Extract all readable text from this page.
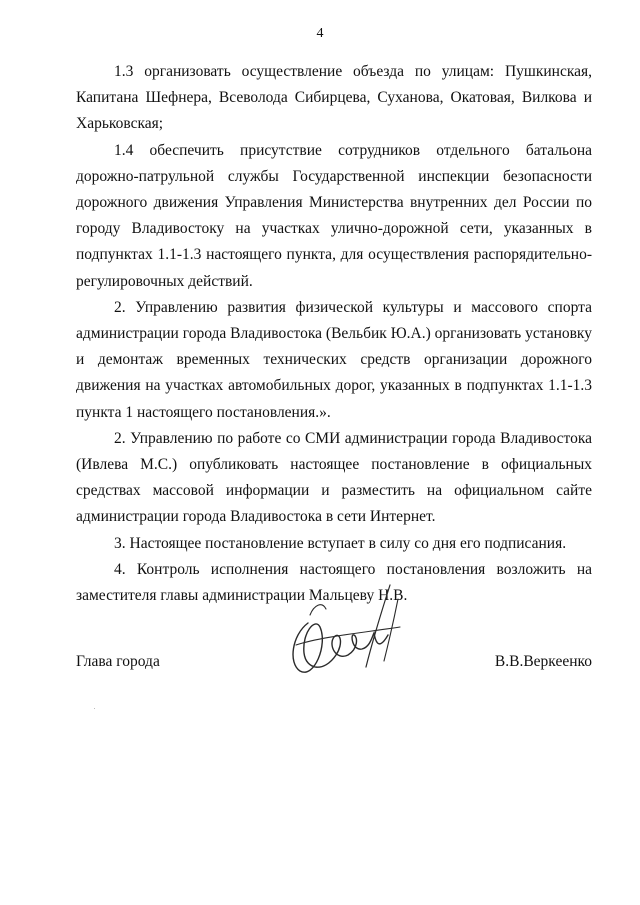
4

1.3 организовать осуществление объезда по улицам: Пушкинская, Капитана Шефнера, Всеволода Сибирцева, Суханова, Окатовая, Вилкова и Харьковская;

1.4 обеспечить присутствие сотрудников отдельного батальона дорожно-патрульной службы Государственной инспекции безопасности дорожного движения Управления Министерства внутренних дел России по городу Владивостоку на участках улично-дорожной сети, указанных в подпунктах 1.1-1.3 настоящего пункта, для осуществления распорядительно-регулировочных действий.

2. Управлению развития физической культуры и массового спорта администрации города Владивостока (Вельбик Ю.А.) организовать установку и демонтаж временных технических средств организации дорожного движения на участках автомобильных дорог, указанных в подпунктах 1.1-1.3 пункта 1 настоящего постановления.».

2. Управлению по работе со СМИ администрации города Владивостока (Ивлева М.С.) опубликовать настоящее постановление в официальных средствах массовой информации и разместить на официальном сайте администрации города Владивостока в сети Интернет.

3. Настоящее постановление вступает в силу со дня его подписания.

4. Контроль исполнения настоящего постановления возложить на заместителя главы администрации Мальцеву Н.В.

Глава города	В.В.Веркеенко
